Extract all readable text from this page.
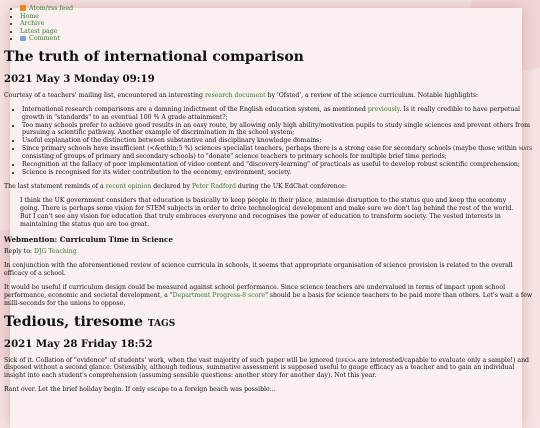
• Atom/rss feed
• Home
• Archive
• Latest page
• Comment
The truth of international comparison
2021 May 3 Monday 09:19

Courtesy of a teachers' mailing list, encountered an interesting research document by 'Ofsted', a review of the science curriculum. Notable highlights:

• International research comparisons are a damning indictment of the English education system, as mentioned previously. Is it really credible to have perpetual growth in "standards" to an eventual 100 % A grade attainment?;
• Too many schools prefer to achieve good results in an easy route, by allowing only high ability/motivation pupils to study single sciences and prevent others from pursuing a scientific pathway. Another example of discrimination in the school system;
• Useful explanation of the distinction between substantive and disciplinary knowledge domains;
• Since primary schools have insufficient (<&ethin;5 %) sciences specialist teachers, perhaps there is a strong case for secondary schools (maybe those within MATS consisting of groups of primary and secondary schools) to "donate" science teachers to primary schools for multiple brief time periods;
• Recognition at the fallacy of poor implementation of video content and "discovery-learning" of practicals as useful to develop robust scientific comprehension;
• Science is recognised for its wider contribution to the economy, environment, society.

The last statement reminds of a recent opinion declared by Peter Radford during the UK EdChat conference:

I think the UK government considers that education is basically to keep people in their place, minimise disruption to the status quo and keep the economy going. There is perhaps some vision for STEM subjects in order to drive technological development and make sure we don't lag behind the rest of the world. But I can't see any vision for education that truly embraces everyone and recognises the power of education to transform society. The vested interests in maintaining the status quo are too great.
Webmention: Curriculum Time in Science

Reply to: DJG Teaching

In conjunction with the aforementioned review of science curricula in schools, it seems that appropriate organisation of science provision is related to the overall efficacy of a school.

It would be useful if curriculum design could be measured against school performance. Since science teachers are undervalued in terms of impact upon school performance, economic and societal development, a "Department Progress-8 score" should be a basis for science teachers to be paid more than others. Let's wait a few milli-seconds for the unions to oppose.

Tedious, tiresome TAGS
2021 May 28 Friday 18:52

Sick of it. Collation of "evidence" of students' work, when the vast majority of such paper will be ignored (DFE/OA are interested/capable to evaluate only a sample!) and disposed without a second glance. Ostensibly, although tedious, summative assessment is supposed useful to gauge efficacy as a teacher and to gain an individual insight into each student's comprehension (assuming sensible questions: another story for another day). Not this year.

Rant over. Let the brief holiday begin. If only escape to a foreign beach was possible...
